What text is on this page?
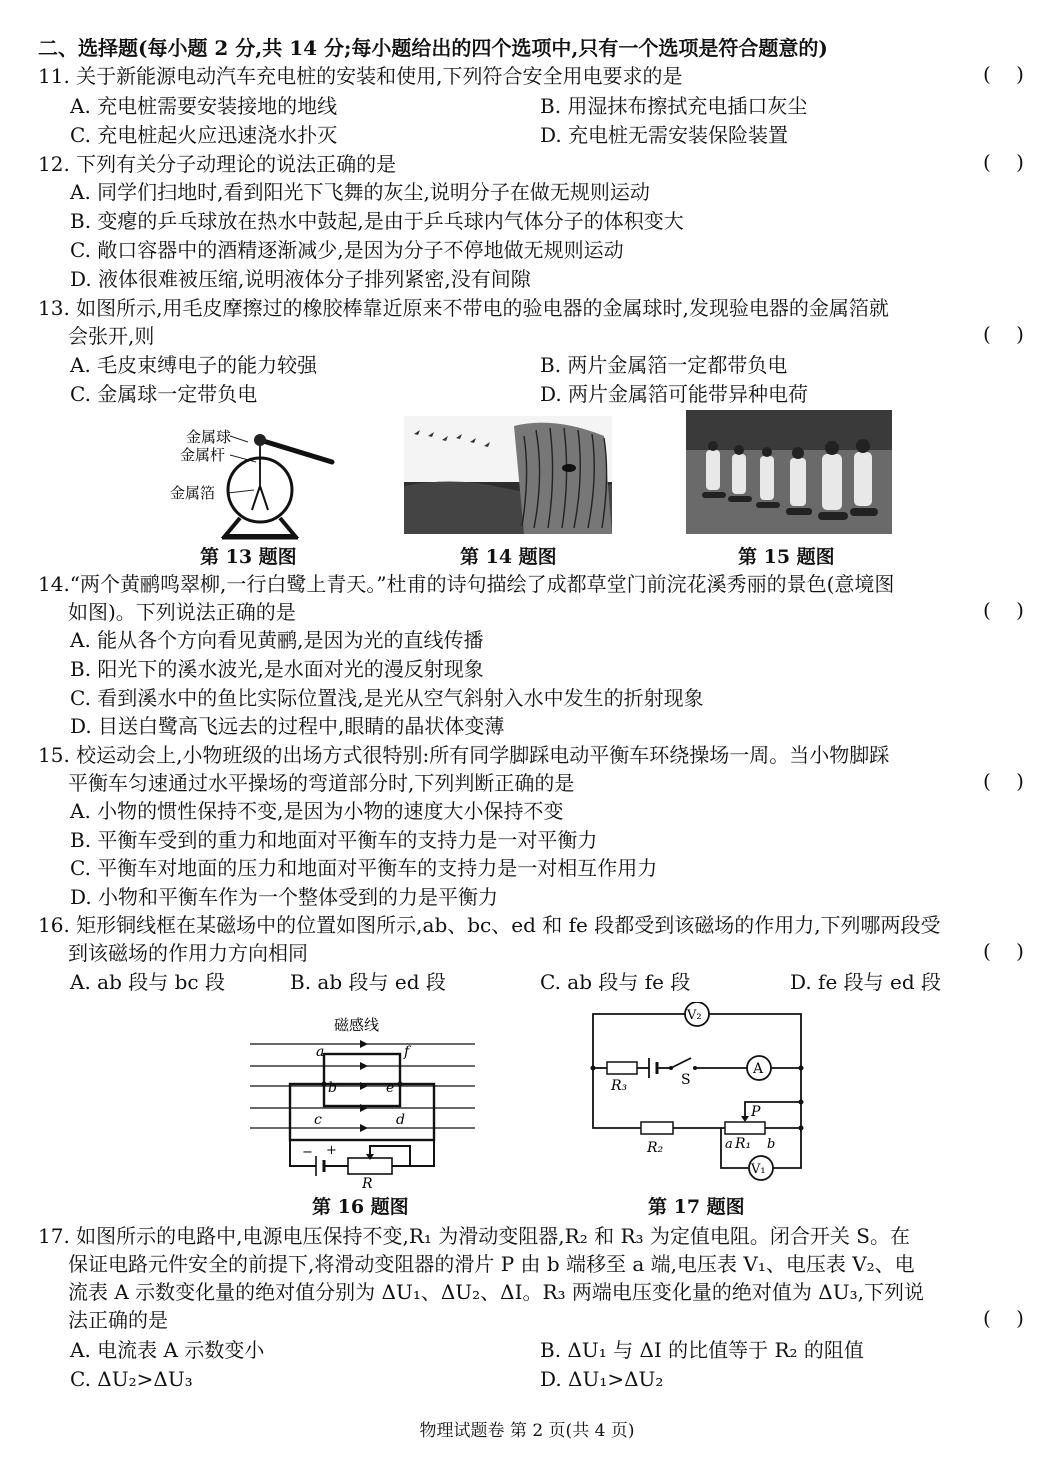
二、选择题(每小题 2 分,共 14 分;每小题给出的四个选项中,只有一个选项是符合题意的)
11. 关于新能源电动汽车充电桩的安装和使用,下列符合安全用电要求的是	(    )
A. 充电桩需要安装接地的地线	B. 用湿抹布擦拭充电插口灰尘
C. 充电桩起火应迅速浇水扑灭	D. 充电桩无需安装保险装置
12. 下列有关分子动理论的说法正确的是	(    )
A. 同学们扫地时,看到阳光下飞舞的灰尘,说明分子在做无规则运动
B. 变瘪的乒乓球放在热水中鼓起,是由于乒乓球内气体分子的体积变大
C. 敞口容器中的酒精逐渐减少,是因为分子不停地做无规则运动
D. 液体很难被压缩,说明液体分子排列紧密,没有间隙
13. 如图所示,用毛皮摩擦过的橡胶棒靠近原来不带电的验电器的金属球时,发现验电器的金属箔就
会张开,则	(    )
A. 毛皮束缚电子的能力较强	B. 两片金属箔一定都带负电
C. 金属球一定带负电	D. 两片金属箔可能带异种电荷
金属球
金属杆
金属箔
第 13 题图	第 14 题图	第 15 题图
14.“两个黄鹂鸣翠柳,一行白鹭上青天。”杜甫的诗句描绘了成都草堂门前浣花溪秀丽的景色(意境图
如图)。下列说法正确的是	(    )
A. 能从各个方向看见黄鹂,是因为光的直线传播
B. 阳光下的溪水波光,是水面对光的漫反射现象
C. 看到溪水中的鱼比实际位置浅,是光从空气斜射入水中发生的折射现象
D. 目送白鹭高飞远去的过程中,眼睛的晶状体变薄
15. 校运动会上,小物班级的出场方式很特别:所有同学脚踩电动平衡车环绕操场一周。当小物脚踩
平衡车匀速通过水平操场的弯道部分时,下列判断正确的是	(    )
A. 小物的惯性保持不变,是因为小物的速度大小保持不变
B. 平衡车受到的重力和地面对平衡车的支持力是一对平衡力
C. 平衡车对地面的压力和地面对平衡车的支持力是一对相互作用力
D. 小物和平衡车作为一个整体受到的力是平衡力
16. 矩形铜线框在某磁场中的位置如图所示,ab、bc、ed 和 fe 段都受到该磁场的作用力,下列哪两段受
到该磁场的作用力方向相同	(    )
A. ab 段与 bc 段	B. ab 段与 ed 段	C. ab 段与 fe 段	D. fe 段与 ed 段
磁感线
a
b
c	d
e
f
− +
R
第 16 题图
V₂
A
V₁
S
R₃
R₂
P
R₁
a	b
第 17 题图
17. 如图所示的电路中,电源电压保持不变,R₁ 为滑动变阻器,R₂ 和 R₃ 为定值电阻。闭合开关 S。在
保证电路元件安全的前提下,将滑动变阻器的滑片 P 由 b 端移至 a 端,电压表 V₁、电压表 V₂、电
流表 A 示数变化量的绝对值分别为 ΔU₁、ΔU₂、ΔI。R₃ 两端电压变化量的绝对值为 ΔU₃,下列说
法正确的是	(    )
A. 电流表 A 示数变小	B. ΔU₁ 与 ΔI 的比值等于 R₂ 的阻值
C. ΔU₂>ΔU₃	D. ΔU₁>ΔU₂
物理试题卷 第 2 页(共 4 页)
